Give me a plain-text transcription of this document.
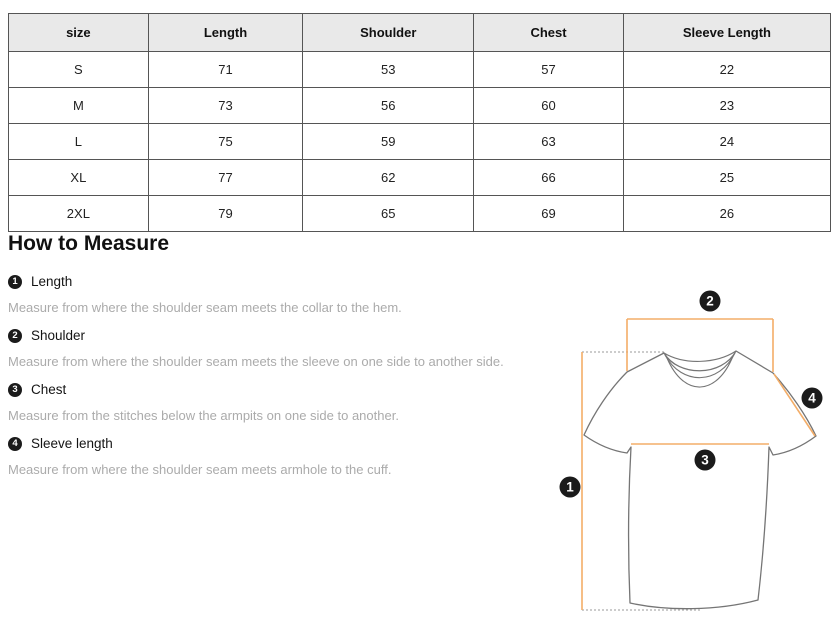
size	Length	Shoulder	Chest	Sleeve Length
S	71	53	57	22
M	73	56	60	23
L	75	59	63	24
XL	77	62	66	25
2XL	79	65	69	26
How to Measure
1 Length

Measure from where the shoulder seam meets the collar to the hem.

2 Shoulder

Measure from where the shoulder seam meets the sleeve on one side to another side.

3 Chest

Measure from the stitches below the armpits on one side to another.

4 Sleeve length

Measure from where the shoulder seam meets armhole to the cuff.

1
2
3
4
